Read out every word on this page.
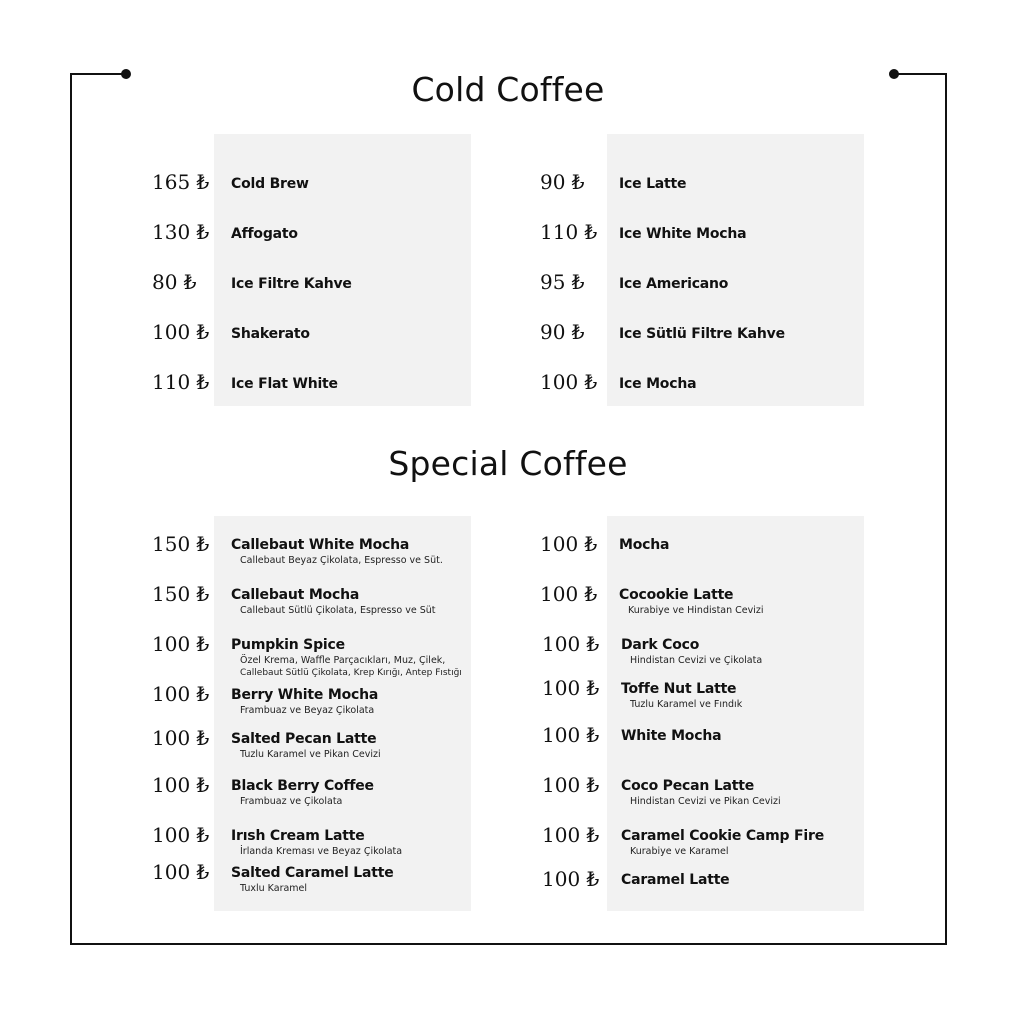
Cold Coffee
Special Coffee
165 ₺ Cold Brew
130 ₺ Affogato
80 ₺ Ice Filtre Kahve
100 ₺ Shakerato
110 ₺ Ice Flat White
90 ₺ Ice Latte
110 ₺ Ice White Mocha
95 ₺ Ice Americano
90 ₺ Ice Sütlü Filtre Kahve
100 ₺ Ice Mocha
150 ₺ Callebaut White Mocha
Callebaut Beyaz Çikolata, Espresso ve Süt.
150 ₺ Callebaut Mocha
Callebaut Sütlü Çikolata, Espresso ve Süt
100 ₺ Pumpkin Spice
Özel Krema, Waffle Parçacıkları, Muz, Çilek,
Callebaut Sütlü Çikolata, Krep Kırığı, Antep Fıstığı
100 ₺ Berry White Mocha
Frambuaz ve Beyaz Çikolata
100 ₺ Salted Pecan Latte
Tuzlu Karamel ve Pikan Cevizi
100 ₺ Black Berry Coffee
Frambuaz ve Çikolata
100 ₺ Irısh Cream Latte
İrlanda Kreması ve Beyaz Çikolata
100 ₺ Salted Caramel Latte
Tuxlu Karamel
100 ₺ Mocha
100 ₺ Cocookie Latte
Kurabiye ve Hindistan Cevizi
100 ₺ Dark Coco
Hindistan Cevizi ve Çikolata
100 ₺ Toffe Nut Latte
Tuzlu Karamel ve Fındık
100 ₺ White Mocha
100 ₺ Coco Pecan Latte
Hindistan Cevizi ve Pikan Cevizi
100 ₺ Caramel Cookie Camp Fire
Kurabiye ve Karamel
100 ₺ Caramel Latte
